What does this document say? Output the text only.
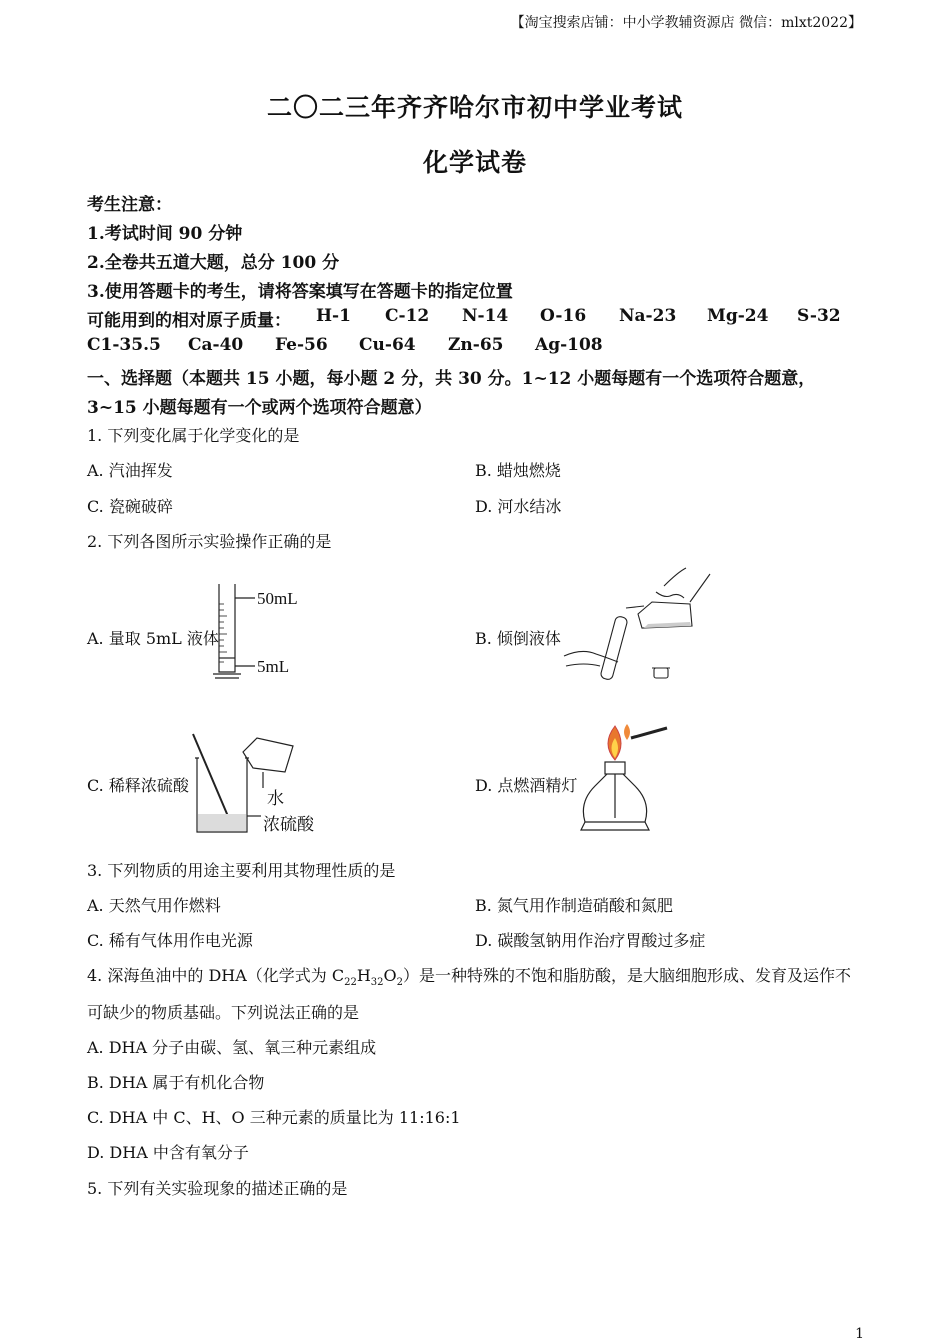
【淘宝搜索店铺：中小学教辅资源店 微信：mlxt2022】
二〇二三年齐齐哈尔市初中学业考试
化学试卷
考生注意：
1.考试时间 90 分钟
2.全卷共五道大题，总分 100 分
3.使用答题卡的考生，请将答案填写在答题卡的指定位置
可能用到的相对原子质量： H-1 C-12 N-14 O-16 Na-23 Mg-24 S-32
C1-35.5 Ca-40 Fe-56 Cu-64 Zn-65 Ag-108
一、选择题（本题共 15 小题，每小题 2 分，共 30 分。1~12 小题每题有一个选项符合题意，
3~15 小题每题有一个或两个选项符合题意）
1. 下列变化属于化学变化的是
A. 汽油挥发	B. 蜡烛燃烧
C. 瓷碗破碎	D. 河水结冰
2. 下列各图所示实验操作正确的是
A. 量取 5mL 液体	B. 倾倒液体
C. 稀释浓硫酸	D. 点燃酒精灯
50mL
5mL
水
浓硫酸
3. 下列物质的用途主要利用其物理性质的是
A. 天然气用作燃料	B. 氮气用作制造硝酸和氮肥
C. 稀有气体用作电光源	D. 碳酸氢钠用作治疗胃酸过多症
4. 深海鱼油中的 DHA（化学式为 $C_{22}H_{32}O_2$）是一种特殊的不饱和脂肪酸，是大脑细胞形成、发育及运作不
可缺少的物质基础。下列说法正确的是
A. DHA 分子由碳、氢、氧三种元素组成
B. DHA 属于有机化合物
C. DHA 中 C、H、O 三种元素的质量比为 11:16:1
D. DHA 中含有氧分子
5. 下列有关实验现象的描述正确的是
1
